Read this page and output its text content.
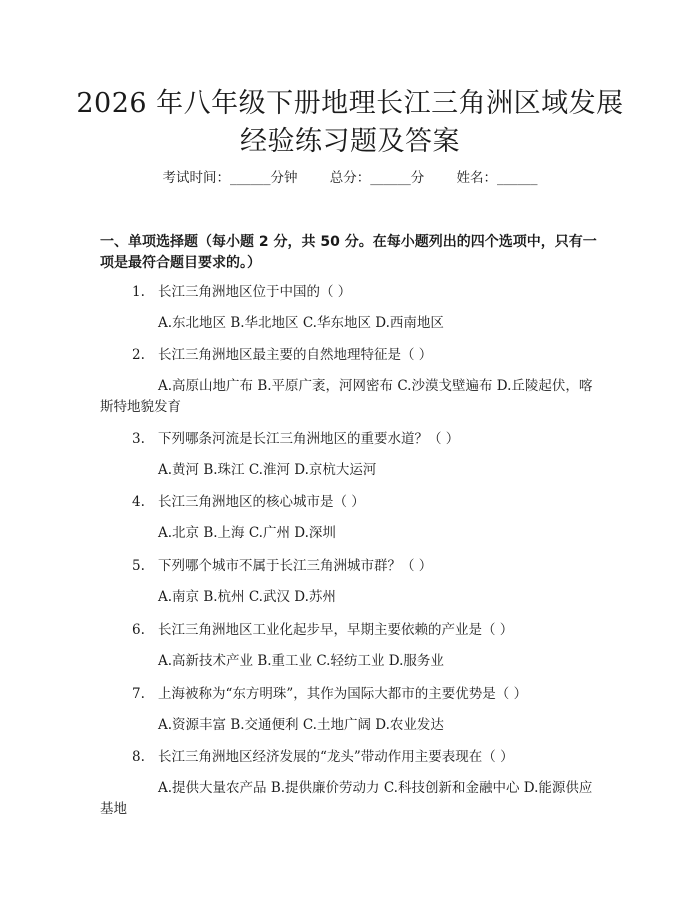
2026 年八年级下册地理长江三角洲区域发展
经验练习题及答案
考试时间：______分钟 总分：______分 姓名：______
一、单项选择题（每小题 2 分，共 50 分。在每小题列出的四个选项中，只有一项是最符合题目要求的。）
1. 长江三角洲地区位于中国的（ ）
A.东北地区 B.华北地区 C.华东地区 D.西南地区
2. 长江三角洲地区最主要的自然地理特征是（ ）
A.高原山地广布 B.平原广袤，河网密布 C.沙漠戈壁遍布 D.丘陵起伏，喀斯特地貌发育
3. 下列哪条河流是长江三角洲地区的重要水道？（ ）
A.黄河 B.珠江 C.淮河 D.京杭大运河
4. 长江三角洲地区的核心城市是（ ）
A.北京 B.上海 C.广州 D.深圳
5. 下列哪个城市不属于长江三角洲城市群？（ ）
A.南京 B.杭州 C.武汉 D.苏州
6. 长江三角洲地区工业化起步早，早期主要依赖的产业是（ ）
A.高新技术产业 B.重工业 C.轻纺工业 D.服务业
7. 上海被称为“东方明珠”，其作为国际大都市的主要优势是（ ）
A.资源丰富 B.交通便利 C.土地广阔 D.农业发达
8. 长江三角洲地区经济发展的“龙头”带动作用主要表现在（ ）
A.提供大量农产品 B.提供廉价劳动力 C.科技创新和金融中心 D.能源供应基地
